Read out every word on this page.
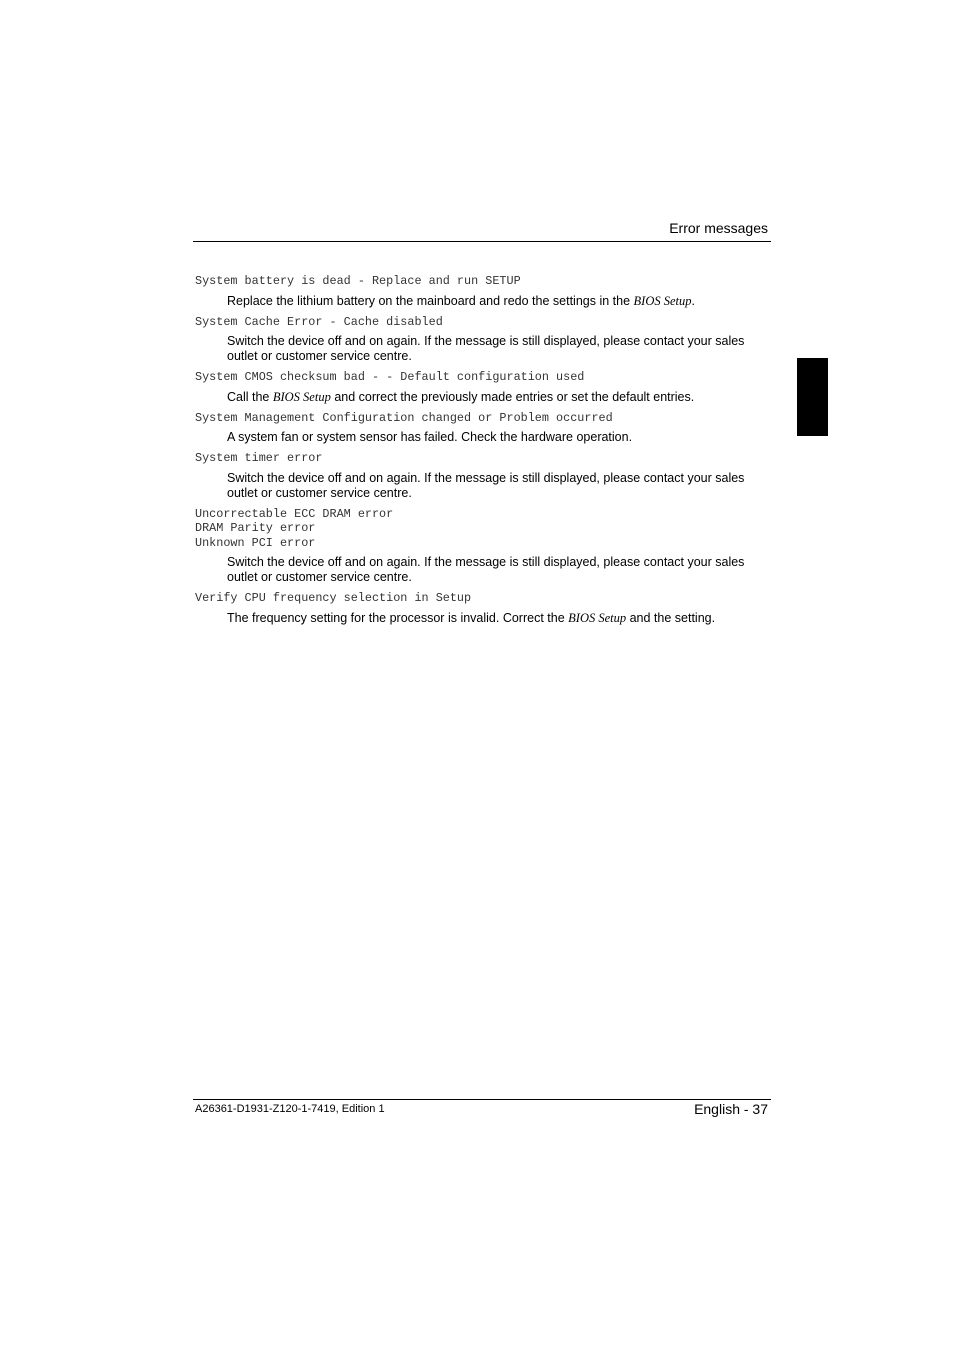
Error messages
System battery is dead - Replace and run SETUP
Replace the lithium battery on the mainboard and redo the settings in the BIOS Setup.
System Cache Error - Cache disabled
Switch the device off and on again. If the message is still displayed, please contact your sales outlet or customer service centre.
System CMOS checksum bad - - Default configuration used
Call the BIOS Setup and correct the previously made entries or set the default entries.
System Management Configuration changed or Problem occurred
A system fan or system sensor has failed. Check the hardware operation.
System timer error
Switch the device off and on again. If the message is still displayed, please contact your sales outlet or customer service centre.
Uncorrectable ECC DRAM error
DRAM Parity error
Unknown PCI error
Switch the device off and on again. If the message is still displayed, please contact your sales outlet or customer service centre.
Verify CPU frequency selection in Setup
The frequency setting for the processor is invalid. Correct the BIOS Setup and the setting.
A26361-D1931-Z120-1-7419, Edition 1	English - 37
